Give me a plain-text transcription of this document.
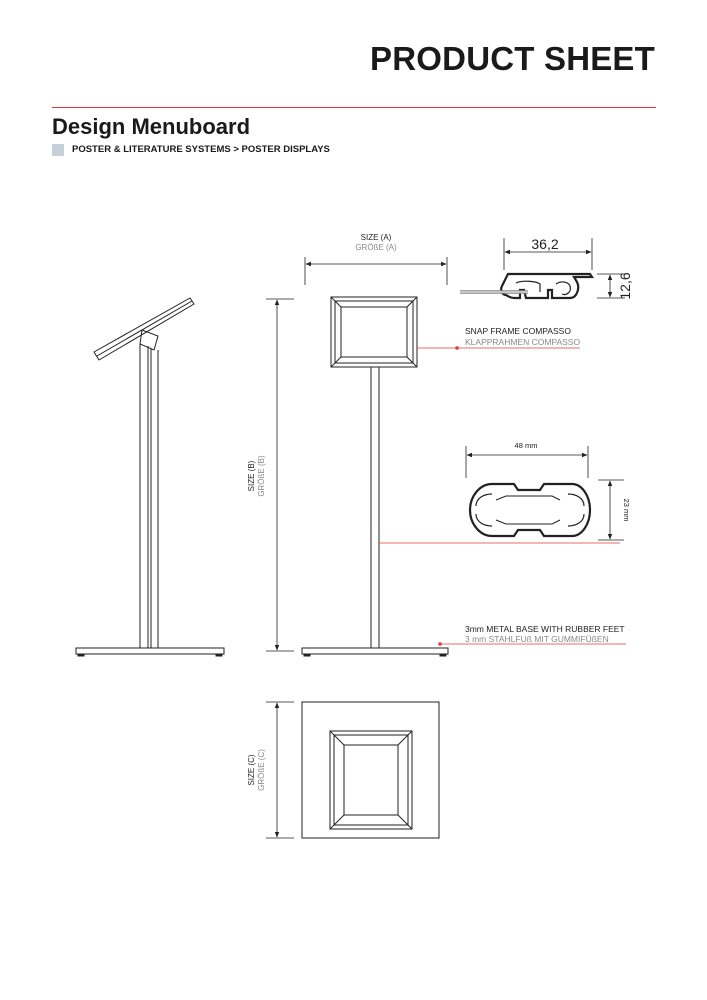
PRODUCT SHEET
Design Menuboard
POSTER & LITERATURE SYSTEMS > POSTER DISPLAYS
SIZE (A)
GRÖßE (A)
SIZE (B) GRÖßE (B)
36,2
12,6
SNAP FRAME COMPASSO
KLAPPRAHMEN COMPASSO
48 mm
23 mm
3mm METAL BASE WITH RUBBER FEET
3 mm STAHLFUß MIT GUMMIFÜßEN
SIZE (C) GRÖßE (C)
